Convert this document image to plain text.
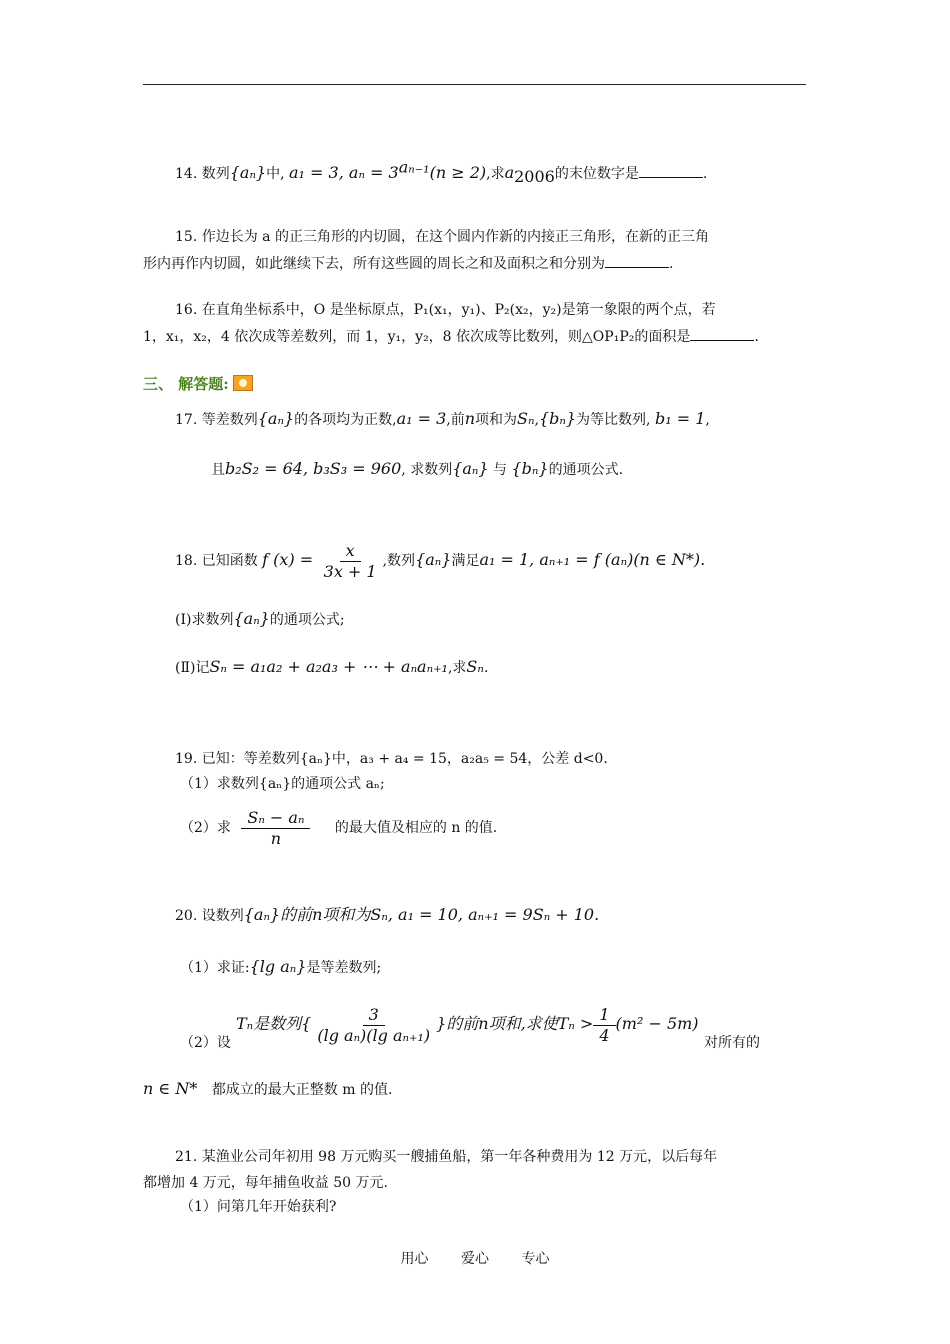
14. 数列{aₙ}中, a₁ = 3, $a_n = 3^{a_{n-1}}(n \ge 2)$,求$a_{2006}$的末位数字是	.
15. 作边长为 a 的正三角形的内切圆，在这个圆内作新的内接正三角形，在新的正三角
形内再作内切圆，如此继续下去，所有这些圆的周长之和及面积之和分别为	.
16. 在直角坐标系中，O 是坐标原点，P₁(x₁，y₁)、P₂(x₂，y₂)是第一象限的两个点，若
1，x₁，x₂，4 依次成等差数列，而 1，y₁，y₂，8 依次成等比数列，则△OP₁P₂的面积是	.
三、 解答题:
17. 等差数列{aₙ}的各项均为正数,a₁ = 3,前n项和为Sₙ,{bₙ}为等比数列, b₁ = 1,
且b₂S₂ = 64, b₃S₃ = 960, 求数列{aₙ} 与 {bₙ}的通项公式.
18. 已知函数 f $(x) = \frac{x}{3x + 1}$ ,数列{aₙ}满足a₁ = 1, aₙ₊₁ = f (aₙ)(n ∈ N*).
(Ⅰ)求数列{aₙ}的通项公式;
(Ⅱ)记Sₙ = a₁a₂ + a₂a₃ + ⋯ + aₙaₙ₊₁,求Sₙ.
19. 已知：等差数列{aₙ}中，a₃ + a₄ = 15，a₂a₅ = 54，公差 d<0.
（1）求数列{aₙ}的通项公式 aₙ;
（2）求 $\frac{\text{Sₙ − aₙ}}{n}$ 的最大值及相应的 n 的值.
20. 设数列{aₙ}的前n项和为Sₙ, a₁ = 10, aₙ₊₁ = 9Sₙ + 10.
（1）求证:{lg aₙ}是等差数列;
（2）设
Tₙ是数列{ $\frac{3}{\text{(lg aₙ)(lg aₙ₊₁)}}$ }的前n项和,求使$T_n > \frac{1}{4} (m^2 - 5m)$
对所有的
n ∈ N* 都成立的最大正整数 m 的值.
21. 某渔业公司年初用 98 万元购买一艘捕鱼船，第一年各种费用为 12 万元，以后每年
都增加 4 万元，每年捕鱼收益 50 万元.
（1）问第几年开始获利?
用心 爱心 专心
